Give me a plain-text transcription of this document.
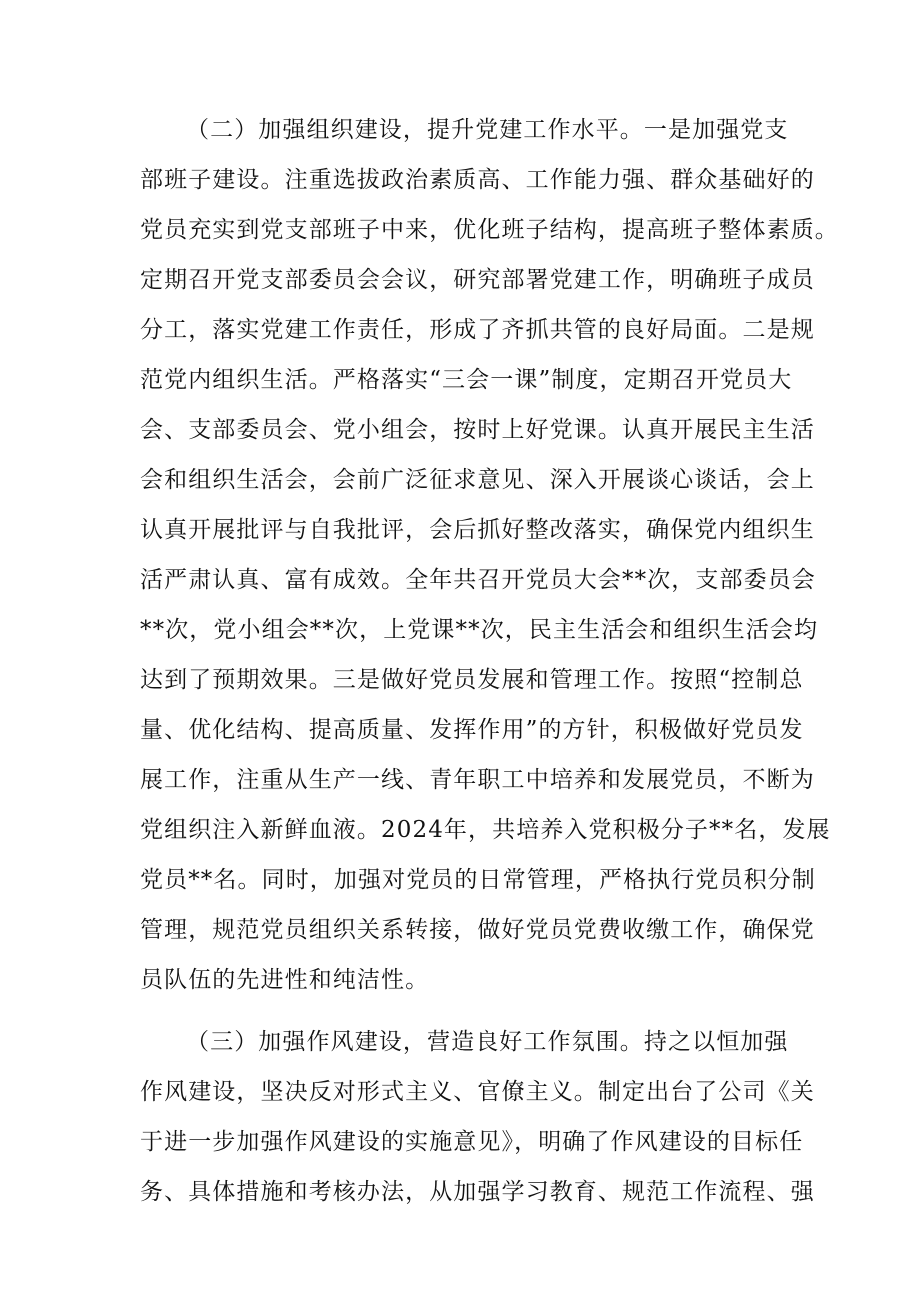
（二）加强组织建设，提升党建工作水平。一是加强党支
部班子建设。注重选拔政治素质高、工作能力强、群众基础好的
党员充实到党支部班子中来，优化班子结构，提高班子整体素质。
定期召开党支部委员会会议，研究部署党建工作，明确班子成员
分工，落实党建工作责任，形成了齐抓共管的良好局面。二是规
范党内组织生活。严格落实“三会一课”制度，定期召开党员大
会、支部委员会、党小组会，按时上好党课。认真开展民主生活
会和组织生活会，会前广泛征求意见、深入开展谈心谈话，会上
认真开展批评与自我批评，会后抓好整改落实，确保党内组织生
活严肃认真、富有成效。全年共召开党员大会**次，支部委员会
**次，党小组会**次，上党课**次，民主生活会和组织生活会均
达到了预期效果。三是做好党员发展和管理工作。按照“控制总
量、优化结构、提高质量、发挥作用”的方针，积极做好党员发
展工作，注重从生产一线、青年职工中培养和发展党员，不断为
党组织注入新鲜血液。2024年，共培养入党积极分子**名，发展
党员**名。同时，加强对党员的日常管理，严格执行党员积分制
管理，规范党员组织关系转接，做好党员党费收缴工作，确保党
员队伍的先进性和纯洁性。
（三）加强作风建设，营造良好工作氛围。持之以恒加强
作风建设，坚决反对形式主义、官僚主义。制定出台了公司《关
于进一步加强作风建设的实施意见》，明确了作风建设的目标任
务、具体措施和考核办法，从加强学习教育、规范工作流程、强
